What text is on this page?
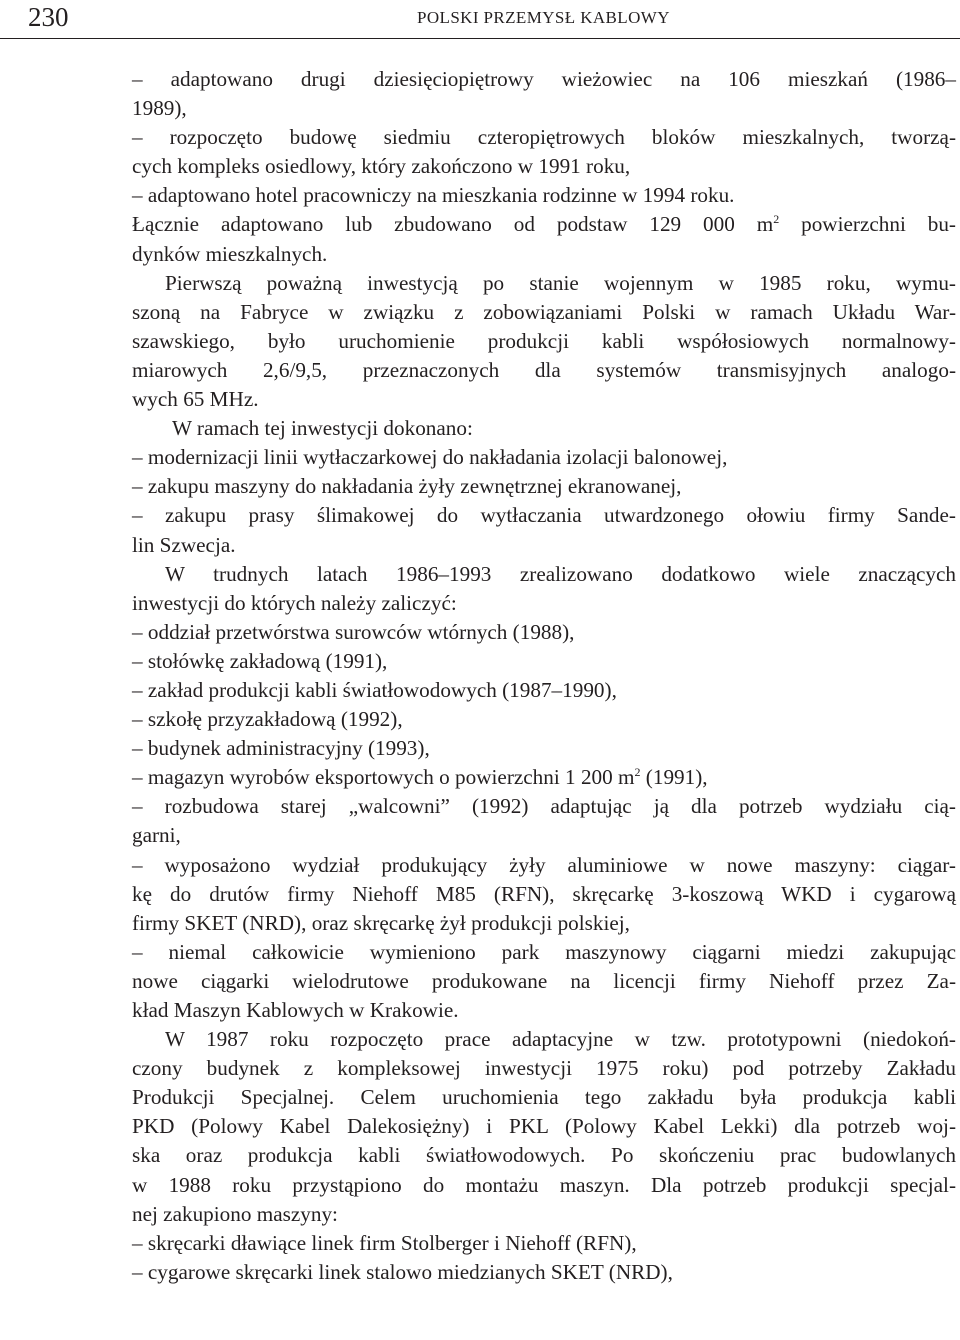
230	POLSKI PRZEMYSŁ KABLOWY
– adaptowano drugi dziesięciopiętrowy wieżowiec na 106 mieszkań (1986–
1989),
– rozpoczęto budowę siedmiu czteropiętrowych bloków mieszkalnych, tworzą-
cych kompleks osiedlowy, który zakończono w 1991 roku,
– adaptowano hotel pracowniczy na mieszkania rodzinne w 1994 roku.
Łącznie adaptowano lub zbudowano od podstaw 129 000 $m^2$ powierzchni bu-
dynków mieszkalnych.
Pierwszą poważną inwestycją po stanie wojennym w 1985 roku, wymu-
szoną na Fabryce w związku z zobowiązaniami Polski w ramach Układu War-
szawskiego, było uruchomienie produkcji kabli współosiowych normalnowy-
miarowych 2,6/9,5, przeznaczonych dla systemów transmisyjnych analogo-
wych 65 MHz.
W ramach tej inwestycji dokonano:
– modernizacji linii wytłaczarkowej do nakładania izolacji balonowej,
– zakupu maszyny do nakładania żyły zewnętrznej ekranowanej,
– zakupu prasy ślimakowej do wytłaczania utwardzonego ołowiu firmy Sande-
lin Szwecja.
W trudnych latach 1986–1993 zrealizowano dodatkowo wiele znaczących
inwestycji do których należy zaliczyć:
– oddział przetwórstwa surowców wtórnych (1988),
– stołówkę zakładową (1991),
– zakład produkcji kabli światłowodowych (1987–1990),
– szkołę przyzakładową (1992),
– budynek administracyjny (1993),
– magazyn wyrobów eksportowych o powierzchni 1 200 $m^2$ (1991),
– rozbudowa starej „walcowni” (1992) adaptując ją dla potrzeb wydziału cią-
garni,
– wyposażono wydział produkujący żyły aluminiowe w nowe maszyny: ciągar-
kę do drutów firmy Niehoff M85 (RFN), skręcarkę 3-koszową WKD i cygarową
firmy SKET (NRD), oraz skręcarkę żył produkcji polskiej,
– niemal całkowicie wymieniono park maszynowy ciągarni miedzi zakupując
nowe ciągarki wielodrutowe produkowane na licencji firmy Niehoff przez Za-
kład Maszyn Kablowych w Krakowie.
W 1987 roku rozpoczęto prace adaptacyjne w tzw. prototypowni (niedokoń-
czony budynek z kompleksowej inwestycji 1975 roku) pod potrzeby Zakładu
Produkcji Specjalnej. Celem uruchomienia tego zakładu była produkcja kabli
PKD (Polowy Kabel Dalekosiężny) i PKL (Polowy Kabel Lekki) dla potrzeb woj-
ska oraz produkcja kabli światłowodowych. Po skończeniu prac budowlanych
w 1988 roku przystąpiono do montażu maszyn. Dla potrzeb produkcji specjal-
nej zakupiono maszyny:
– skręcarki dławiące linek firm Stolberger i Niehoff (RFN),
– cygarowe skręcarki linek stalowo miedzianych SKET (NRD),
